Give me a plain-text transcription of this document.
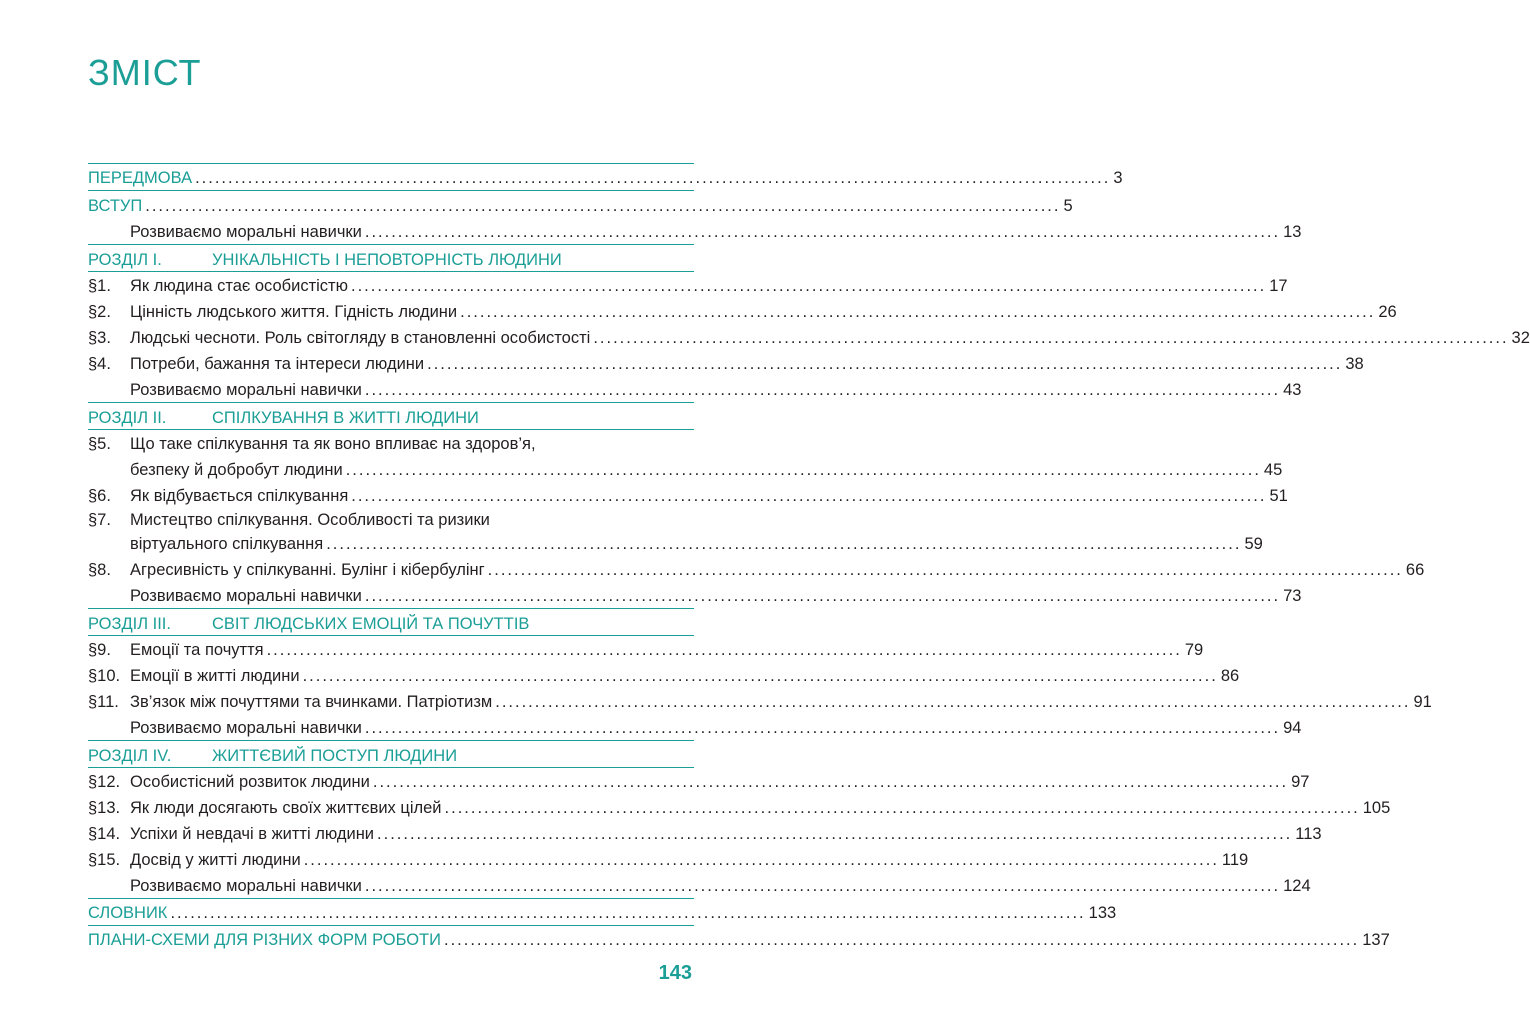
ЗМІСТ
ПЕРЕДМОВА ........................................................................................................................................... 3
ВСТУП ........................................................................................................................................... 5
Розвиваємо моральні навички ........................................................................................................................................... 13
РОЗДІЛ І.	УНІКАЛЬНІСТЬ І НЕПОВТОРНІСТЬ ЛЮДИНИ
§1.	Як людина стає особистістю ........................................................................................................................................... 17
§2.	Цінність людського життя. Гідність людини ........................................................................................................................................... 26
§3.	Людські чесноти. Роль світогляду в становленні особистості ........................................................................................................................................... 32
§4.	Потреби, бажання та інтереси людини ........................................................................................................................................... 38
Розвиваємо моральні навички ........................................................................................................................................... 43
РОЗДІЛ ІІ.	СПІЛКУВАННЯ В ЖИТТІ ЛЮДИНИ
§5. Що таке спілкування та як воно впливає на здоров’я,
безпеку й добробут людини ........................................................................................................................................... 45
§6.	Як відбувається спілкування ........................................................................................................................................... 51
§7. Мистецтво спілкування. Особливості та ризики
віртуального спілкування ........................................................................................................................................... 59
§8.	Агресивність у спілкуванні. Булінг і кібербулінг ........................................................................................................................................... 66
Розвиваємо моральні навички ........................................................................................................................................... 73
РОЗДІЛ ІІІ.	СВІТ ЛЮДСЬКИХ ЕМОЦІЙ ТА ПОЧУТТІВ
§9.	Емоції та почуття ........................................................................................................................................... 79
§10. Емоції в житті людини ........................................................................................................................................... 86
§11. Зв’язок між почуттями та вчинками. Патріотизм ........................................................................................................................................... 91
Розвиваємо моральні навички ........................................................................................................................................... 94
РОЗДІЛ IV.	ЖИТТЄВИЙ ПОСТУП ЛЮДИНИ
§12. Особистісний розвиток людини ........................................................................................................................................... 97
§13. Як люди досягають своїх життєвих цілей ........................................................................................................................................... 105
§14. Успіхи й невдачі в житті людини ........................................................................................................................................... 113
§15. Досвід у житті людини ........................................................................................................................................... 119
Розвиваємо моральні навички ........................................................................................................................................... 124
СЛОВНИК ........................................................................................................................................... 133
ПЛАНИ-СХЕМИ ДЛЯ РІЗНИХ ФОРМ РОБОТИ ........................................................................................................................................... 137
143
